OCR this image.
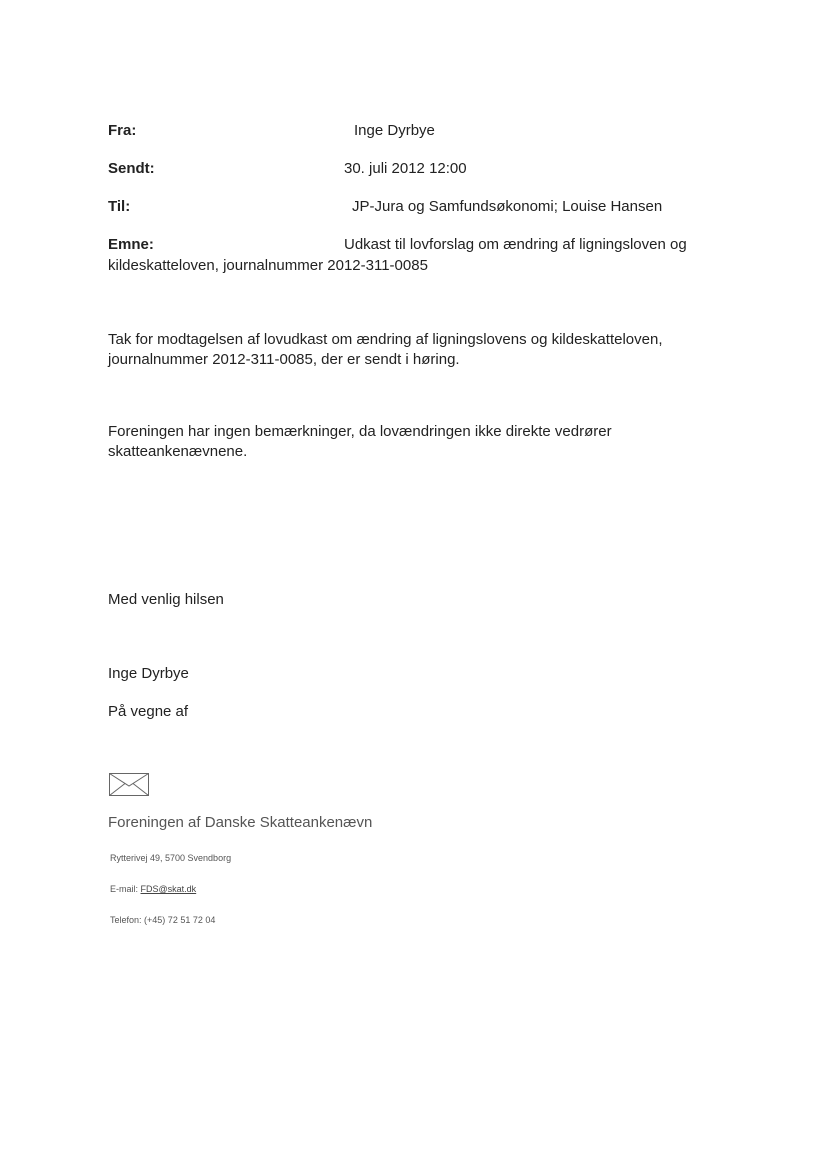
Fra:	Inge Dyrbye
Sendt:	30. juli 2012 12:00
Til:	JP-Jura og Samfundsøkonomi; Louise Hansen
Emne:	Udkast til lovforslag om ændring af ligningsloven og
kildeskatteloven, journalnummer 2012-311-0085
Tak for modtagelsen af lovudkast om ændring af ligningslovens og kildeskatteloven, journalnummer 2012-311-0085, der er sendt i høring.
Foreningen har ingen bemærkninger, da lovændringen ikke direkte vedrører skatteankenævnene.
Med venlig hilsen
Inge Dyrbye
På vegne af
Foreningen af Danske Skatteankenævn
Rytterivej 49, 5700 Svendborg
E-mail: FDS@skat.dk
Telefon: (+45) 72 51 72 04
